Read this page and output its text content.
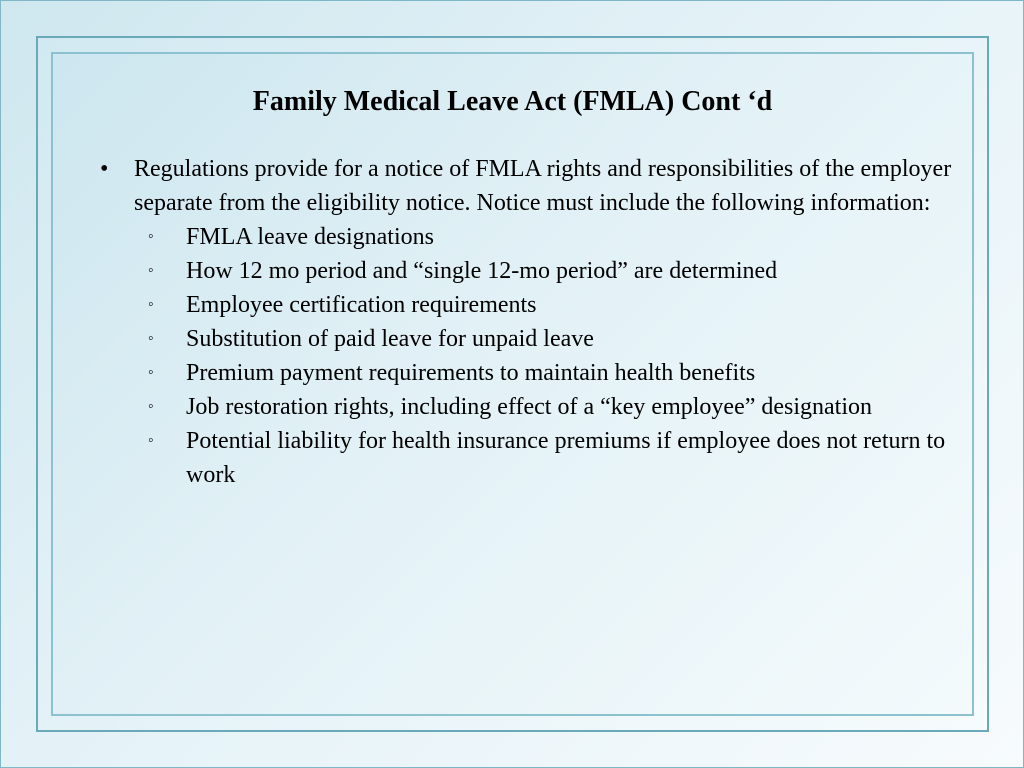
Family Medical Leave Act (FMLA) Cont ‘d
• Regulations provide for a notice of FMLA rights and responsibilities of the employer separate from the eligibility notice. Notice must include the following information:
◦ FMLA leave designations
◦ How 12 mo period and “single 12-mo period” are determined
◦ Employee certification requirements
◦ Substitution of paid leave for unpaid leave
◦ Premium payment requirements to maintain health benefits
◦ Job restoration rights, including effect of a “key employee” designation
◦ Potential liability for health insurance premiums if employee does not return to work
